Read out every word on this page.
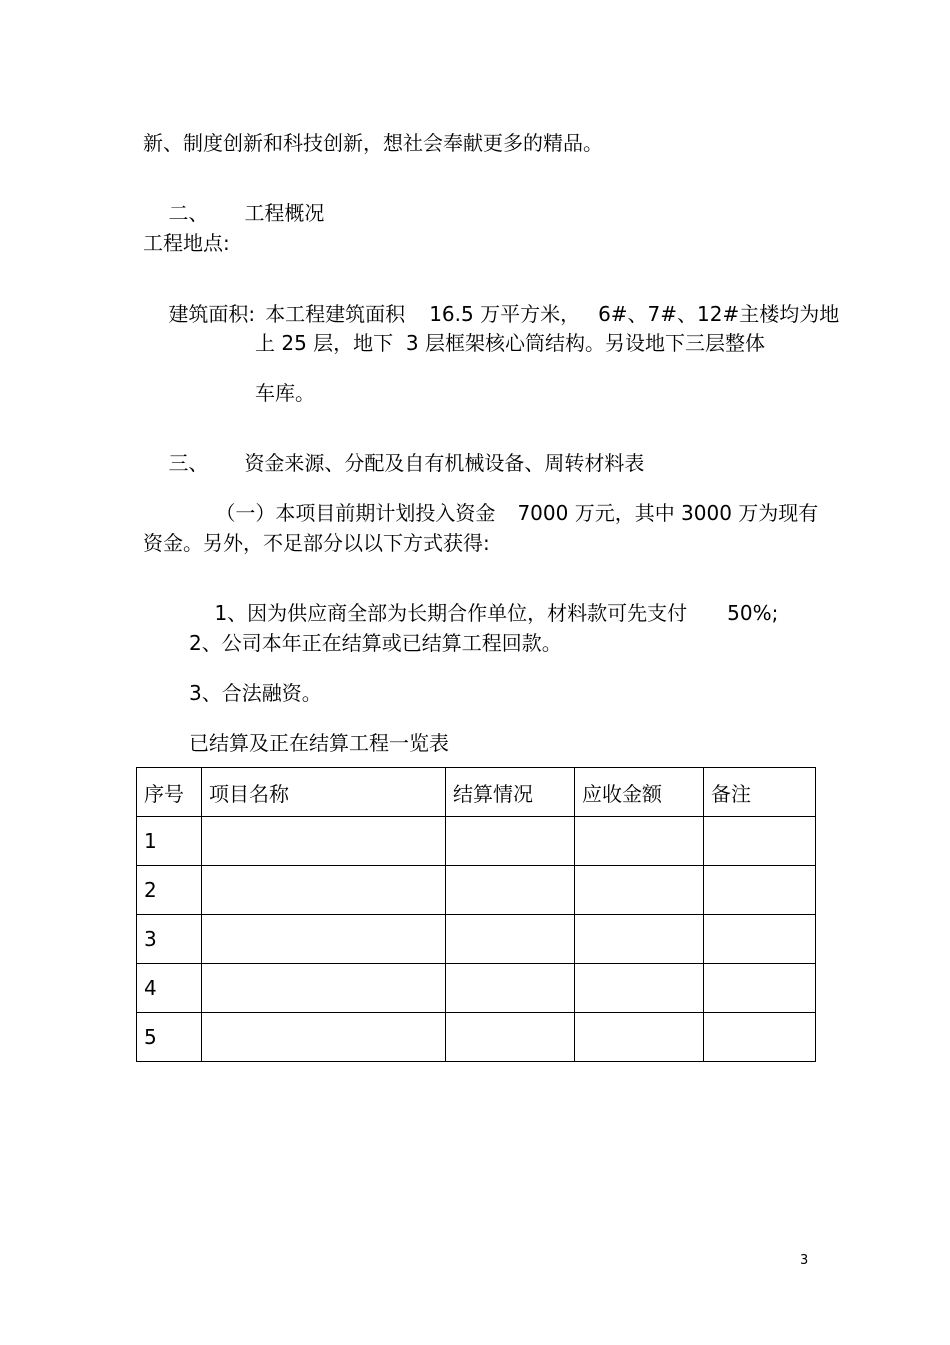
新、制度创新和科技创新，想社会奉献更多的精品。

二、 工程概况

工程地点:

建筑面积: 本工程建筑面积 16.5 万平方米， 6#、7#、12#主楼均为地

上 25 层，地下  3 层框架核心筒结构。另设地下三层整体
车库。

三、 资金来源、分配及自有机械设备、周转材料表

（一）本项目前期计划投入资金 7000 万元，其中 3000 万为现有

资金。另外，不足部分以以下方式获得:

1、因为供应商全部为长期合作单位，材料款可先支付 50%;

2、公司本年正在结算或已结算工程回款。
3、合法融资。
已结算及正在结算工程一览表
序号	项目名称	结算情况	应收金额	备注
1				
2				
3				
4				
5				
3
